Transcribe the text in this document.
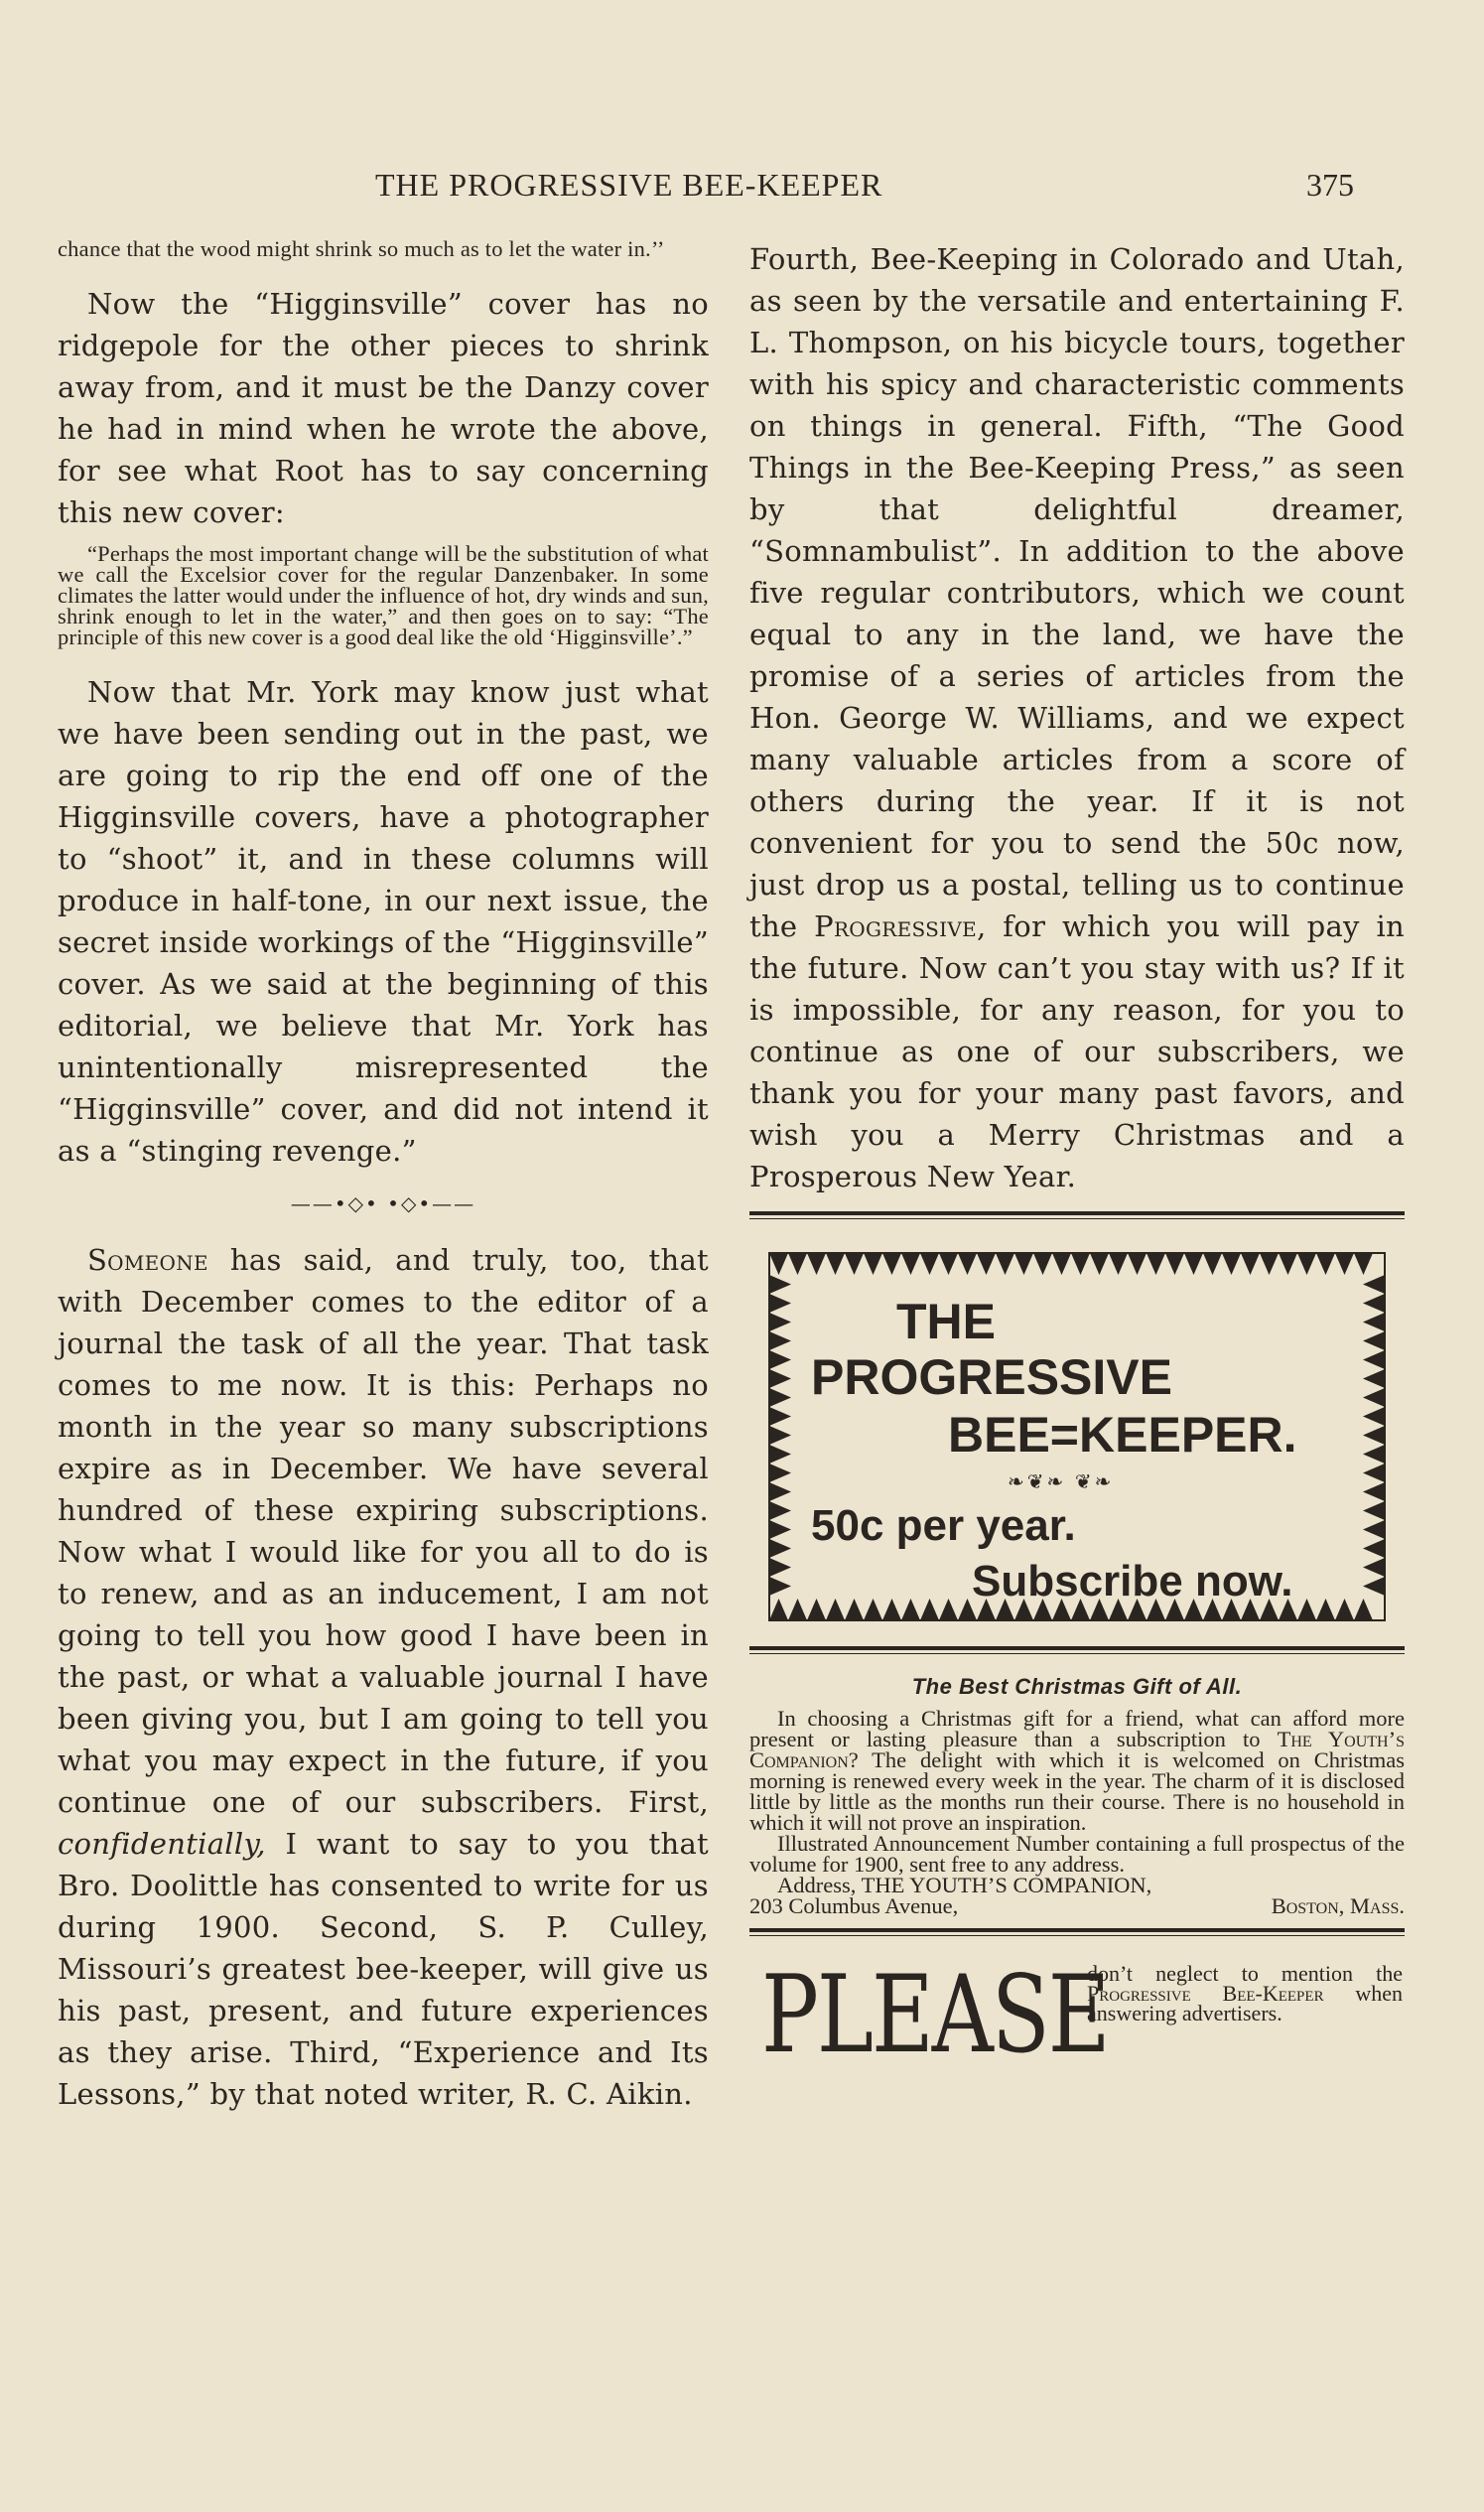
THE PROGRESSIVE BEE-KEEPER	375

chance that the wood might shrink so much as to let the water in.’’

Now the “Higginsville” cover has no ridgepole for the other pieces to shrink away from, and it must be the Danzy cover he had in mind when he wrote the above, for see what Root has to say concerning this new cover:

“Perhaps the most important change will be the substitution of what we call the Excelsior cover for the regular Danzenbaker. In some climates the latter would under the influence of hot, dry winds and sun, shrink enough to let in the water,” and then goes on to say: “The principle of this new cover is a good deal like the old ‘Higginsville’.”

Now that Mr. York may know just what we have been sending out in the past, we are going to rip the end off one of the Higginsville covers, have a photographer to “shoot” it, and in these columns will produce in half-tone, in our next issue, the secret inside workings of the “Higginsville” cover. As we said at the beginning of this editorial, we believe that Mr. York has unintentionally misrepresented the “Higginsville” cover, and did not intend it as a “stinging revenge.”

——•◇• •◇•——

Someone has said, and truly, too, that with December comes to the editor of a journal the task of all the year. That task comes to me now. It is this: Perhaps no month in the year so many subscriptions expire as in December. We have several hundred of these expiring subscriptions. Now what I would like for you all to do is to renew, and as an inducement, I am not going to tell you how good I have been in the past, or what a valuable journal I have been giving you, but I am going to tell you what you may expect in the future, if you continue one of our subscribers. First, confidentially, I want to say to you that Bro. Doolittle has consented to write for us during 1900. Second, S. P. Culley, Missouri’s greatest bee-keeper, will give us his past, present, and future experiences as they arise. Third, “Experience and Its Lessons,” by that noted writer, R. C. Aikin.

Fourth, Bee-Keeping in Colorado and Utah, as seen by the versatile and entertaining F. L. Thompson, on his bicycle tours, together with his spicy and characteristic comments on things in general. Fifth, “The Good Things in the Bee-Keeping Press,” as seen by that delightful dreamer, “Somnambulist”. In addition to the above five regular contributors, which we count equal to any in the land, we have the promise of a series of articles from the Hon. George W. Williams, and we expect many valuable articles from a score of others during the year. If it is not convenient for you to send the 50c now, just drop us a postal, telling us to continue the Progressive, for which you will pay in the future. Now can’t you stay with us? If it is impossible, for any reason, for you to continue as one of our subscribers, we thank you for your many past favors, and wish you a Merry Christmas and a Prosperous New Year.

THE
PROGRESSIVE
BEE=KEEPER.
❧❦❧ ❦❧
50c per year.
Subscribe now.
The Best Christmas Gift of All.

In choosing a Christmas gift for a friend, what can afford more present or lasting pleasure than a subscription to The Youth’s Companion? The delight with which it is welcomed on Christmas morning is renewed every week in the year. The charm of it is disclosed little by little as the months run their course. There is no household in which it will not prove an inspiration.

Illustrated Announcement Number containing a full prospectus of the volume for 1900, sent free to any address.

Address, THE YOUTH’S COMPANION,

203 Columbus Avenue,	Boston, Mass.
PLEASE
don’t neglect to mention the Progressive Bee-Keeper when answering advertisers.
